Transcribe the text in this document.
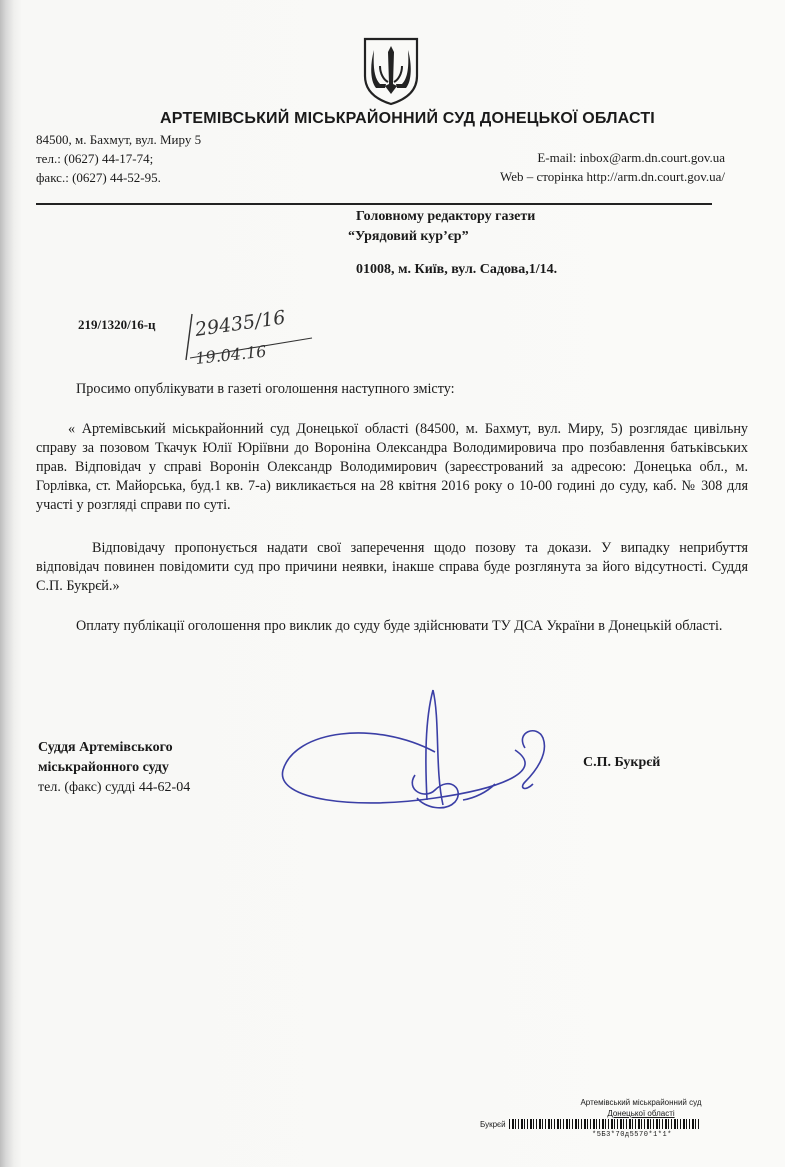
АРТЕМІВСЬКИЙ МІСЬКРАЙОННИЙ СУД ДОНЕЦЬКОЇ ОБЛАСТІ
84500, м. Бахмут, вул. Миру 5
тел.: (0627) 44-17-74;
факс.: (0627) 44-52-95.
E-mail: inbox@arm.dn.court.gov.ua
Web – сторінка http://arm.dn.court.gov.ua/
Головному редактору газети
“Урядовий кур’єр”
01008, м. Київ, вул. Садова,1/14.
219/1320/16-ц 29435/16
19.04.16
Просимо опублікувати в газеті оголошення наступного змісту:
« Артемівський міськрайонний суд Донецької області (84500, м. Бахмут, вул. Миру, 5) розглядає цивільну справу за позовом Ткачук Юлії Юріївни до Вороніна Олександра Володимировича про позбавлення батьківських прав. Відповідач у справі Воронін Олександр Володимирович (зареєстрований за адресою: Донецька обл., м. Горлівка, ст. Майорська, буд.1 кв. 7-а) викликається на 28 квітня 2016 року о 10-00 годині до суду, каб. № 308 для участі у розгляді справи по суті.
Відповідачу пропонується надати свої заперечення щодо позову та докази. У випадку неприбуття відповідач повинен повідомити суд про причини неявки, інакше справа буде розглянута за його відсутності. Суддя С.П. Букрєй.»
Оплату публікації оголошення про виклик до суду буде здійснювати ТУ ДСА України в Донецькій області.
Суддя Артемівського
міськрайонного суду
тел. (факс) судді 44-62-04
С.П. Букрєй
Артемівський міськрайонний суд
Донецької області
Букрєй
*5Б3*70д5570*1*1*
